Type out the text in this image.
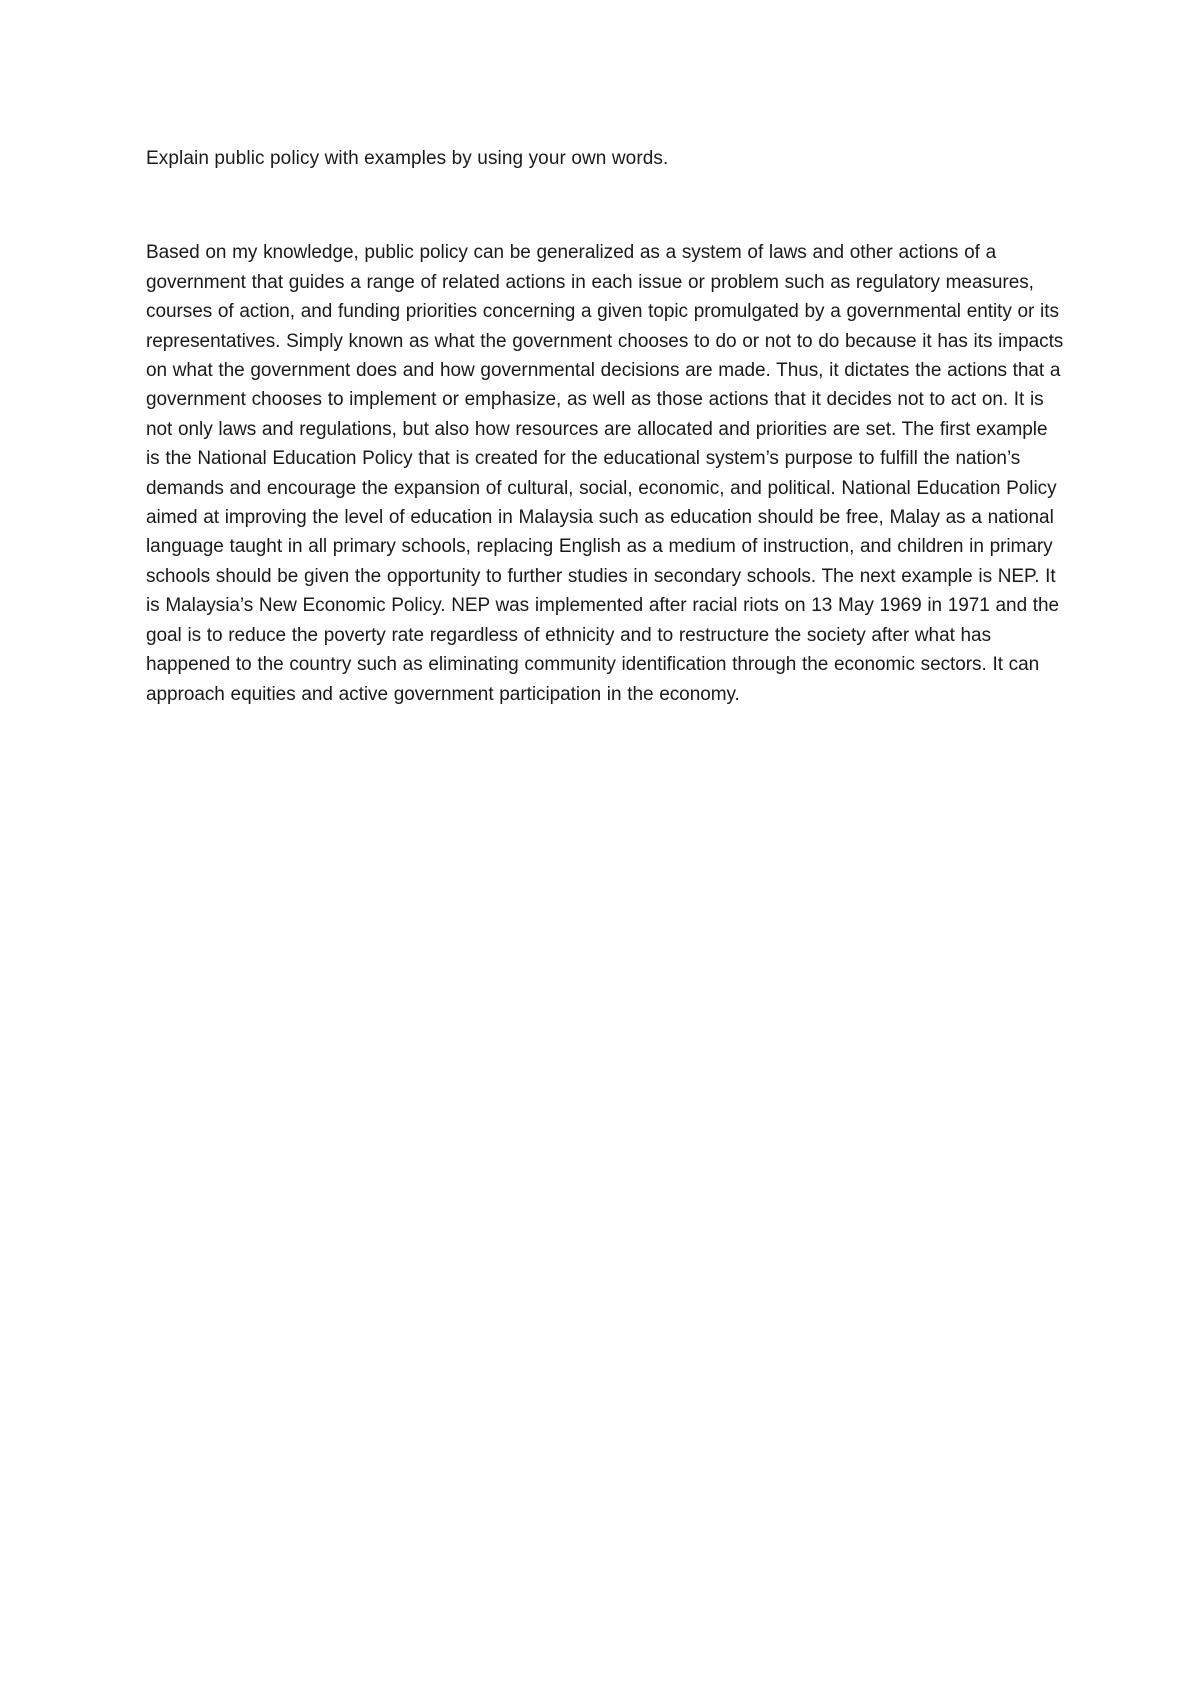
Explain public policy with examples by using your own words.

Based on my knowledge, public policy can be generalized as a system of laws and other actions of a government that guides a range of related actions in each issue or problem such as regulatory measures, courses of action, and funding priorities concerning a given topic promulgated by a governmental entity or its representatives. Simply known as what the government chooses to do or not to do because it has its impacts on what the government does and how governmental decisions are made. Thus, it dictates the actions that a government chooses to implement or emphasize, as well as those actions that it decides not to act on. It is not only laws and regulations, but also how resources are allocated and priorities are set. The first example is the National Education Policy that is created for the educational system’s purpose to fulfill the nation’s demands and encourage the expansion of cultural, social, economic, and political. National Education Policy aimed at improving the level of education in Malaysia such as education should be free, Malay as a national language taught in all primary schools, replacing English as a medium of instruction, and children in primary schools should be given the opportunity to further studies in secondary schools. The next example is NEP. It is Malaysia’s New Economic Policy. NEP was implemented after racial riots on 13 May 1969 in 1971 and the goal is to reduce the poverty rate regardless of ethnicity and to restructure the society after what has happened to the country such as eliminating community identification through the economic sectors. It can approach equities and active government participation in the economy.
